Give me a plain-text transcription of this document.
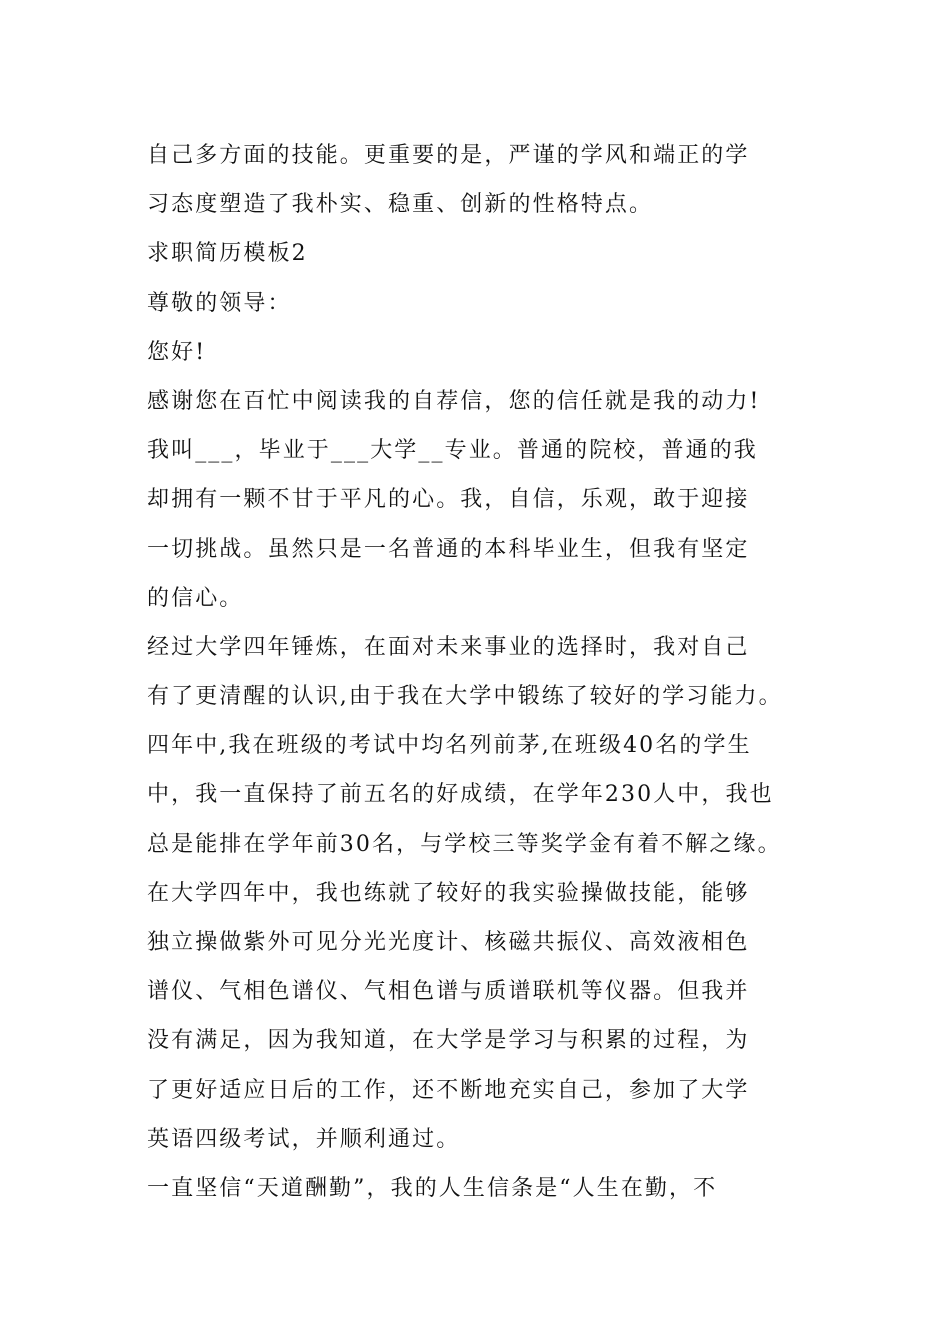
自己多方面的技能。更重要的是，严谨的学风和端正的学
习态度塑造了我朴实、稳重、创新的性格特点。
求职简历模板2
尊敬的领导：
您好!
感谢您在百忙中阅读我的自荐信，您的信任就是我的动力!
我叫___，毕业于___大学__专业。普通的院校，普通的我
却拥有一颗不甘于平凡的心。我，自信，乐观，敢于迎接
一切挑战。虽然只是一名普通的本科毕业生，但我有坚定
的信心。
经过大学四年锤炼，在面对未来事业的选择时，我对自己
有了更清醒的认识,由于我在大学中锻练了较好的学习能力。
四年中,我在班级的考试中均名列前茅,在班级40名的学生
中，我一直保持了前五名的好成绩，在学年230人中，我也
总是能排在学年前30名，与学校三等奖学金有着不解之缘。
在大学四年中，我也练就了较好的我实验操做技能，能够
独立操做紫外可见分光光度计、核磁共振仪、高效液相色
谱仪、气相色谱仪、气相色谱与质谱联机等仪器。但我并
没有满足，因为我知道，在大学是学习与积累的过程，为
了更好适应日后的工作，还不断地充实自己，参加了大学
英语四级考试，并顺利通过。
一直坚信“天道酬勤”，我的人生信条是“人生在勤，不
